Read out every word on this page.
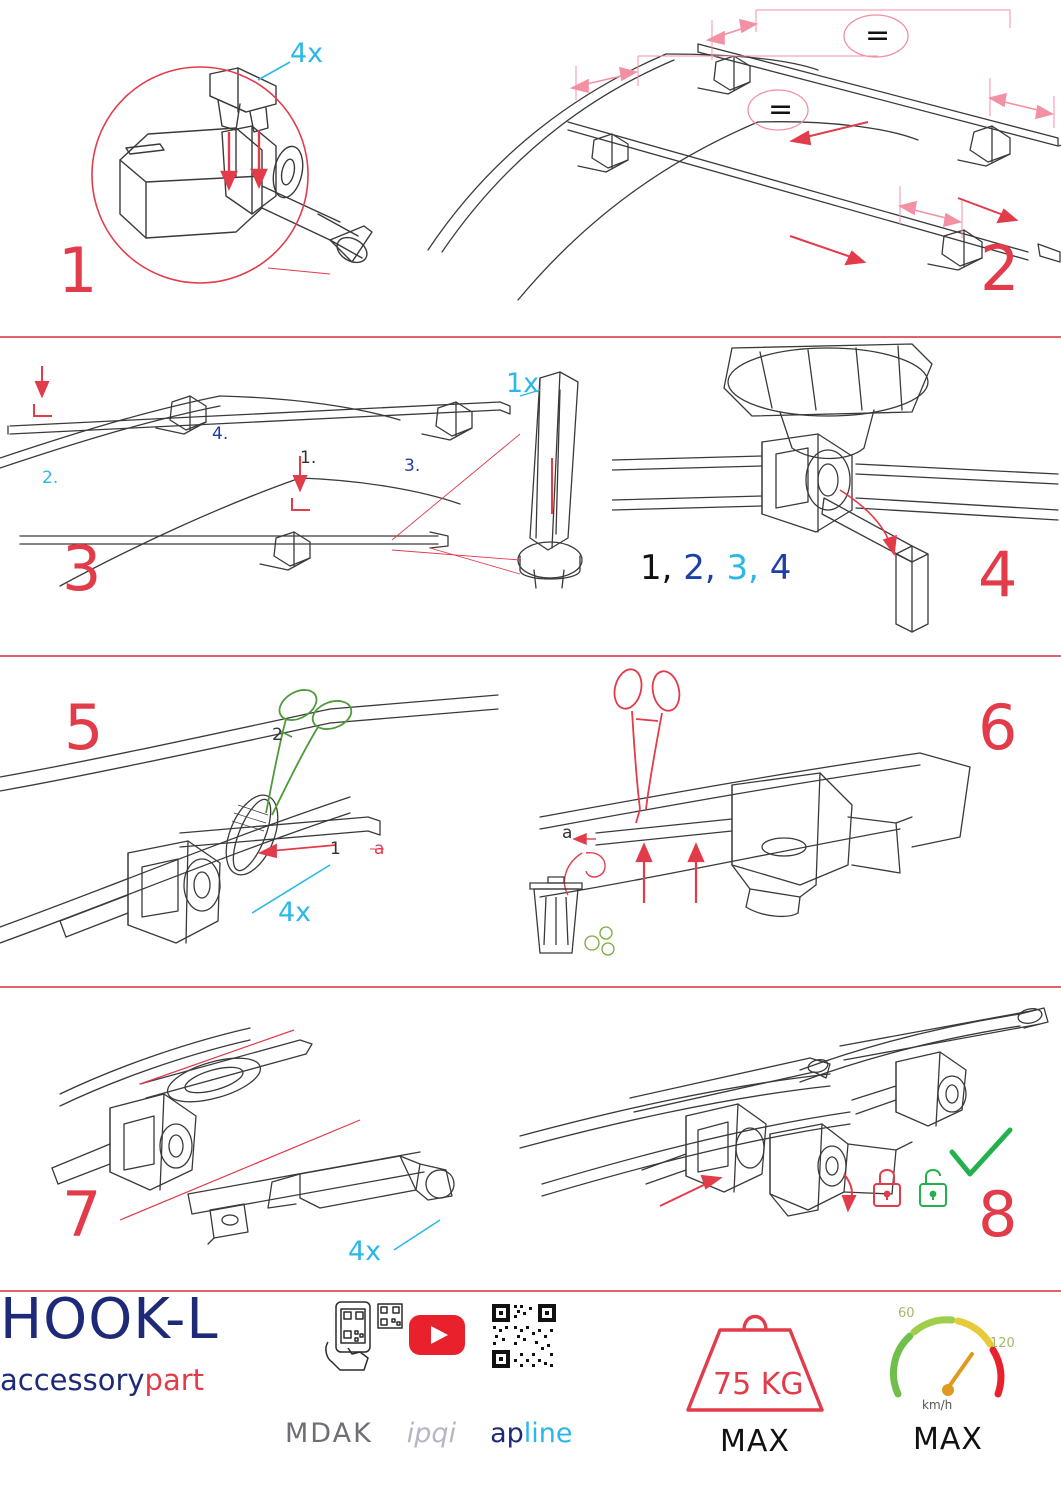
4x
1
=
=
2
1.
2.
3.
4.
1x
3	1, 2, 3, 4	4
5	2
1 a
4x
6
a
7
4x
8
HOOK-L
accessorypart
MDAK ipqi apline	MAX
75 KG
MAX
60
120
km/h
